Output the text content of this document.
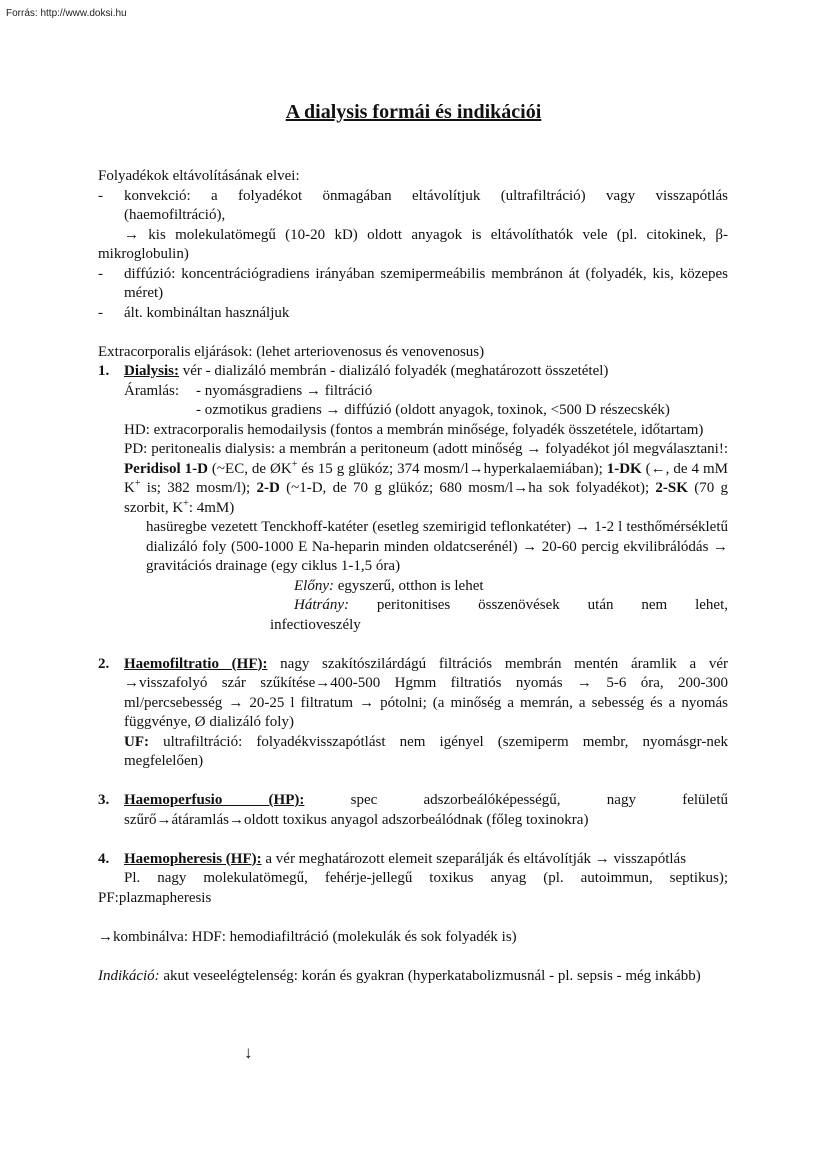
Forrás: http://www.doksi.hu
A dialysis formái és indikációi

Folyadékok eltávolításának elvei:

-	konvekció: a folyadékot önmagában eltávolítjuk (ultrafiltráció) vagy visszapótlás
(haemofiltráció),

→ kis molekulatömegű (10-20 kD) oldott anyagok is eltávolíthatók vele (pl. citokinek, β-

mikroglobulin)

-	diffúzió: koncentrációgradiens irányában szemipermeábilis membránon át (folyadék, kis, közepes méret)
-	ált. kombináltan használjuk

Extracorporalis eljárások: (lehet arteriovenosus és venovenosus)

1. Dialysis: vér - dializáló membrán - dializáló folyadék (meghatározott összetétel)
Áramlás:	- nyomásgradiens → filtráció

- ozmotikus gradiens → diffúzió (oldott anyagok, toxinok, <500 D részecskék)

HD: extracorporalis hemodailysis (fontos a membrán minősége, folyadék összetétele, időtartam)

PD: peritonealis dialysis: a membrán a peritoneum (adott minőség → folyadékot jól megválasztani!: Peridisol 1-D (~EC, de ØK+ és 15 g glükóz; 374 mosm/l→hyperkalaemiában); 1-DK (←, de 4 mM K+ is; 382 mosm/l); 2-D (~1-D, de 70 g glükóz; 680 mosm/l→ha sok folyadékot); 2-SK (70 g szorbit, K+: 4mM)

hasüregbe vezetett Tenckhoff-katéter (esetleg szemirigid teflonkatéter) → 1-2 l testhőmérsékletű dializáló foly (500-1000 E Na-heparin minden oldatcserénél) → 20-60 percig ekvilibrálódás → gravitációs drainage (egy ciklus 1-1,5 óra)

Előny: egyszerű, otthon is lehet

Hátrány: peritonitises összenövések után nem lehet,
infectioveszély
2. Haemofiltratio (HF): nagy szakítószilárdágú filtrációs membrán mentén áramlik a vér →visszafolyó szár szűkítése→400-500 Hgmm filtratiós nyomás → 5-6 óra, 200-300 ml/percsebesség → 20-25 l filtratum → pótolni; (a minőség a memrán, a sebesség és a nyomás függvénye, Ø dializáló foly)

UF: ultrafiltráció: folyadékvisszapótlást nem igényel (szemiperm membr, nyomásgr-nek megfelelően)

3. Haemoperfusio (HP): spec adszorbeálóképességű, nagy felületű
szűrő→átáramlás→oldott toxikus anyagol adszorbeálódnak (főleg toxinokra)
4. Haemopheresis (HF): a vér meghatározott elemeit szeparálják és eltávolítják → visszapótlás

Pl. nagy molekulatömegű, fehérje-jellegű toxikus anyag (pl. autoimmun, septikus);

PF:plazmapheresis

→kombinálva: HDF: hemodiafiltráció (molekulák és sok folyadék is)

Indikáció: akut veseelégtelenség: korán és gyakran (hyperkatabolizmusnál - pl. sepsis - még inkább)

↓
